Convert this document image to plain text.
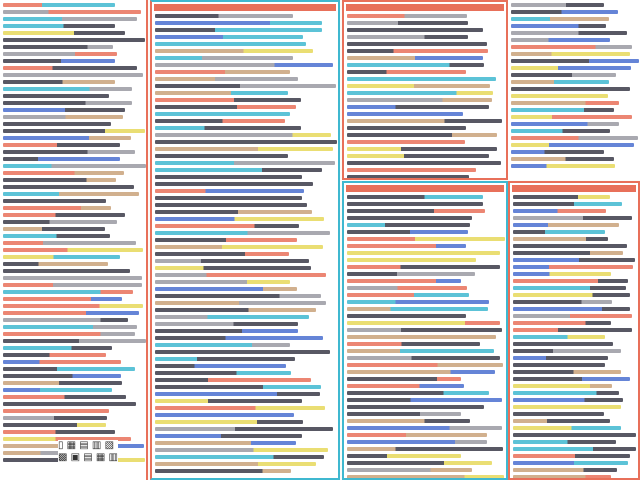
▯ ▦ ▤ ▥ ▧
▩ ▣ ▤ ▦ ▥
